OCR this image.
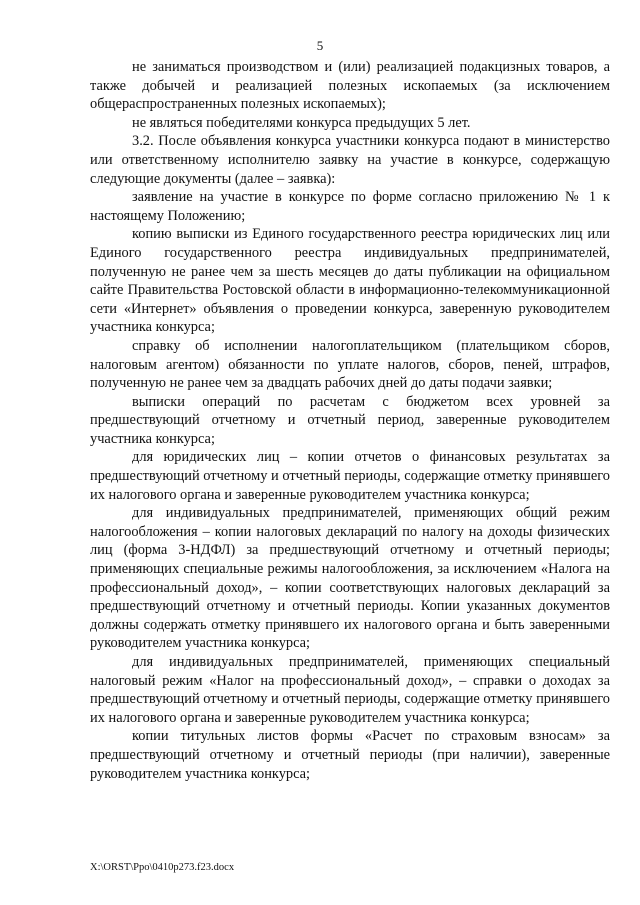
5

не заниматься производством и (или) реализацией подакцизных товаров, а также добычей и реализацией полезных ископаемых (за исключением общераспространенных полезных ископаемых);

не являться победителями конкурса предыдущих 5 лет.

3.2. После объявления конкурса участники конкурса подают в министерство или ответственному исполнителю заявку на участие в конкурсе, содержащую следующие документы (далее – заявка):

заявление на участие в конкурсе по форме согласно приложению № 1 к настоящему Положению;

копию выписки из Единого государственного реестра юридических лиц или Единого государственного реестра индивидуальных предпринимателей, полученную не ранее чем за шесть месяцев до даты публикации на официальном сайте Правительства Ростовской области в информационно-телекоммуникационной сети «Интернет» объявления о проведении конкурса, заверенную руководителем участника конкурса;

справку об исполнении налогоплательщиком (плательщиком сборов, налоговым агентом) обязанности по уплате налогов, сборов, пеней, штрафов, полученную не ранее чем за двадцать рабочих дней до даты подачи заявки;

выписки операций по расчетам с бюджетом всех уровней за предшествующий отчетному и отчетный период, заверенные руководителем участника конкурса;

для юридических лиц – копии отчетов о финансовых результатах за предшествующий отчетному и отчетный периоды, содержащие отметку принявшего их налогового органа и заверенные руководителем участника конкурса;

для индивидуальных предпринимателей, применяющих общий режим налогообложения – копии налоговых деклараций по налогу на доходы физических лиц (форма 3-НДФЛ) за предшествующий отчетному и отчетный периоды; применяющих специальные режимы налогообложения, за исключением «Налога на профессиональный доход», – копии соответствующих налоговых деклараций за предшествующий отчетному и отчетный периоды. Копии указанных документов должны содержать отметку принявшего их налогового органа и быть заверенными руководителем участника конкурса;

для индивидуальных предпринимателей, применяющих специальный налоговый режим «Налог на профессиональный доход», – справки о доходах за предшествующий отчетному и отчетный периоды, содержащие отметку принявшего их налогового органа и заверенные руководителем участника конкурса;

копии титульных листов формы «Расчет по страховым взносам» за предшествующий отчетному и отчетный периоды (при наличии), заверенные руководителем участника конкурса;

X:\ORST\Ppo\0410p273.f23.docx
